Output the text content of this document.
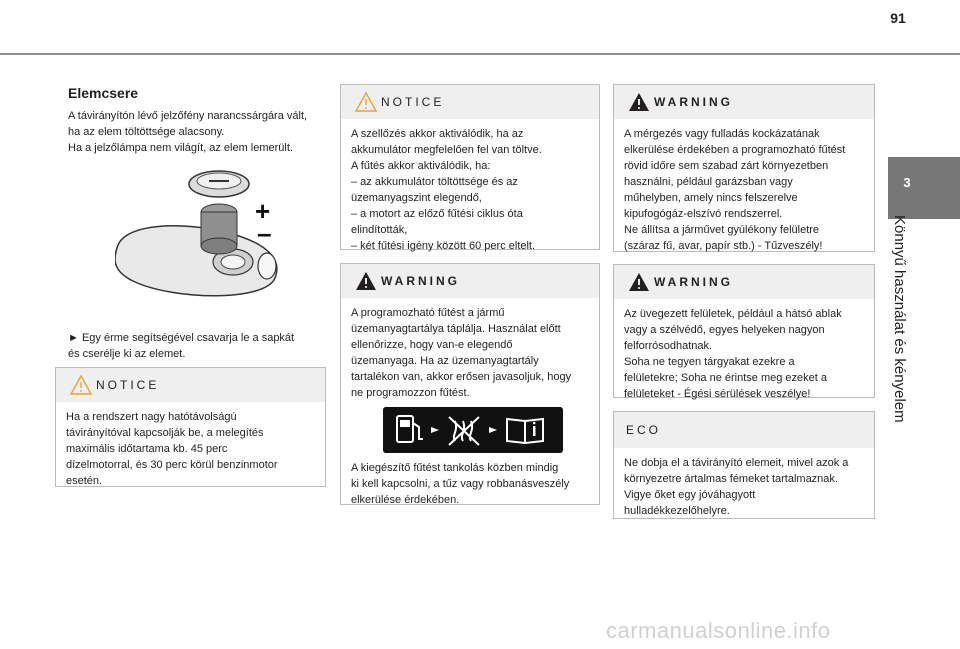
91
3
Könnyű használat és kényelem
Elemcsere
A távirányítón lévő jelzőfény narancssárgára vált,
ha az elem töltöttsége alacsony.
Ha a jelzőlámpa nem világít, az elem lemerült.
+
–
► Egy érme segítségével csavarja le a sapkát
és cserélje ki az elemet.
NOTICE
Ha a rendszert nagy hatótávolságú
távirányítóval kapcsolják be, a melegítés
maximális időtartama kb. 45 perc
dízelmotorral, és 30 perc körül benzinmotor
esetén.
NOTICE
A szellőzés akkor aktiválódik, ha az
akkumulátor megfelelően fel van töltve.
A fűtés akkor aktiválódik, ha:
– az akkumulátor töltöttsége és az
üzemanyagszint elegendő,
– a motort az előző fűtési ciklus óta
elindították,
– két fűtési igény között 60 perc eltelt.
WARNING
A programozható fűtést a jármű
üzemanyagtartálya táplálja. Használat előtt
ellenőrizze, hogy van-e elegendő
üzemanyaga. Ha az üzemanyagtartály
tartalékon van, akkor erősen javasoljuk, hogy
ne programozzon fűtést.
A kiegészítő fűtést tankolás közben mindig
ki kell kapcsolni, a tűz vagy robbanásveszély
elkerülése érdekében.
WARNING
A mérgezés vagy fulladás kockázatának
elkerülése érdekében a programozható fűtést
rövid időre sem szabad zárt környezetben
használni, például garázsban vagy
műhelyben, amely nincs felszerelve
kipufogógáz-elszívó rendszerrel.
Ne állítsa a járművet gyúlékony felületre
(száraz fű, avar, papír stb.) - Tűzveszély!
WARNING
Az üvegezett felületek, például a hátsó ablak
vagy a szélvédő, egyes helyeken nagyon
felforrósodhatnak.
Soha ne tegyen tárgyakat ezekre a
felületekre; Soha ne érintse meg ezeket a
felületeket - Égési sérülések veszélye!
ECO
Ne dobja el a távirányító elemeit, mivel azok a
környezetre ártalmas fémeket tartalmaznak.
Vigye őket egy jóváhagyott
hulladékkezelőhelyre.
carmanualsonline.info
